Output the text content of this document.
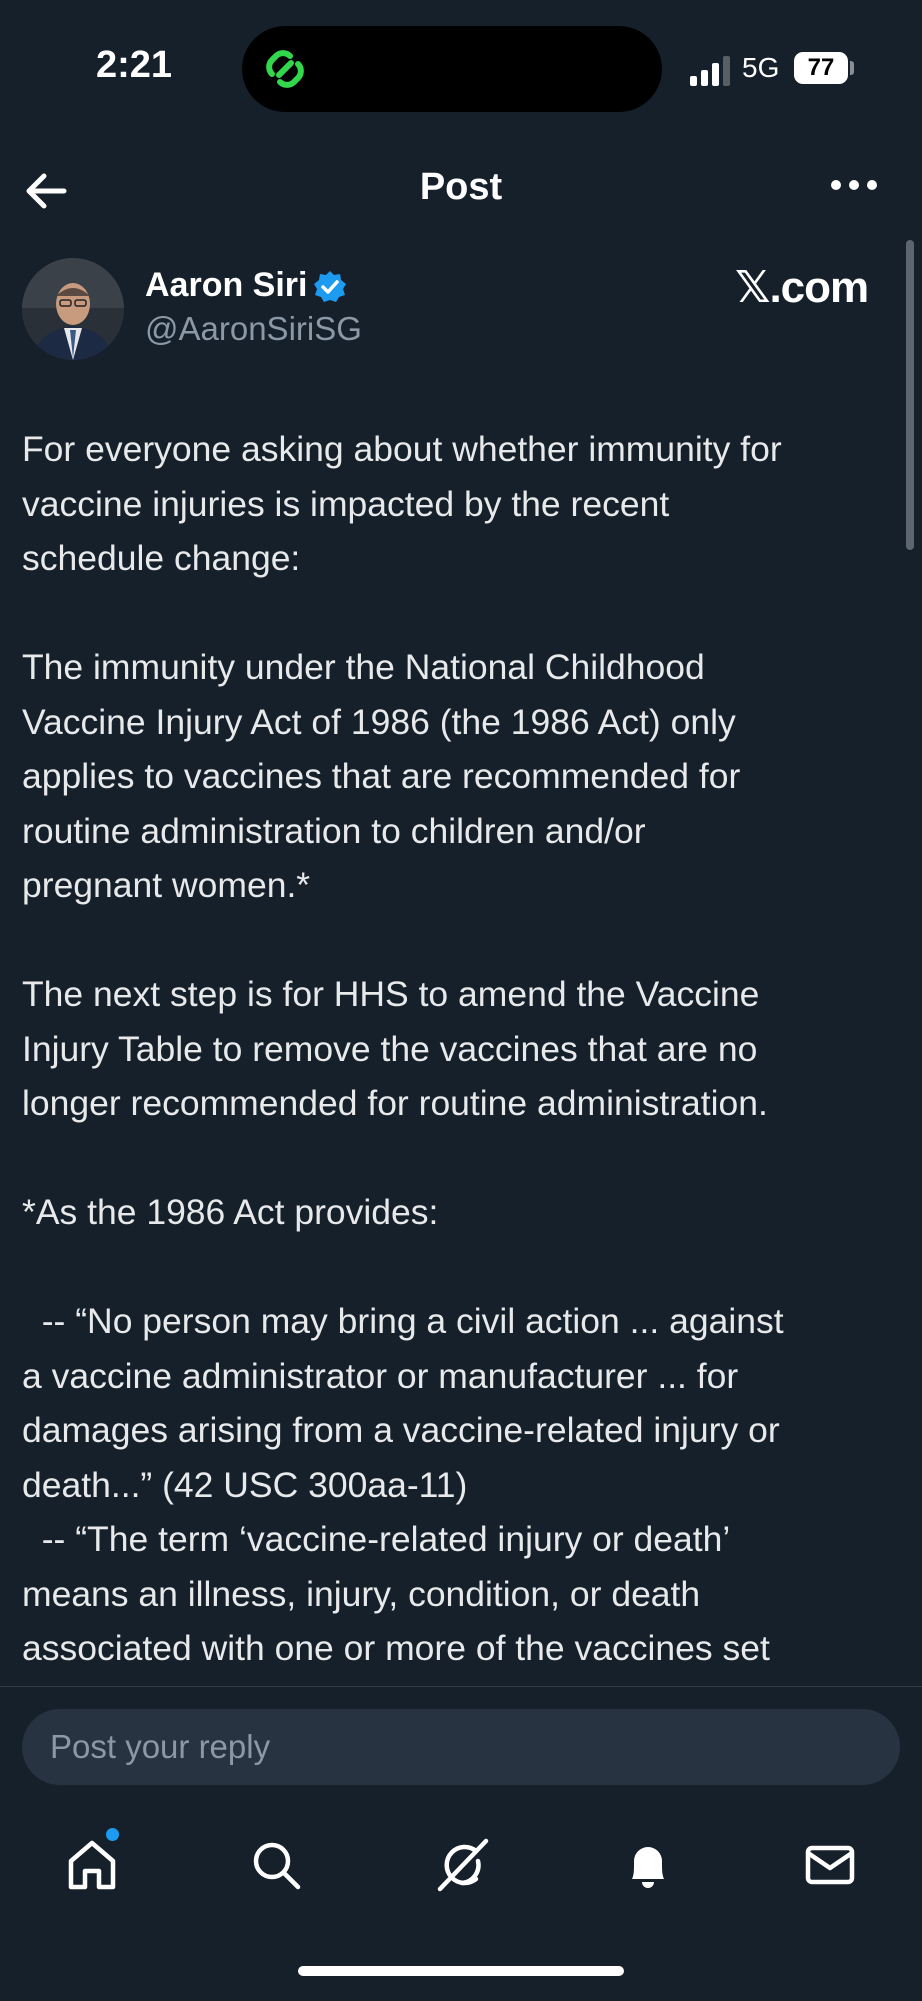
2:21	5G	77
Post
Aaron Siri
@AaronSiriSG
𝕏.com

For everyone asking about whether immunity for

vaccine injuries is impacted by the recent

schedule change:

The immunity under the National Childhood

Vaccine Injury Act of 1986 (the 1986 Act) only

applies to vaccines that are recommended for

routine administration to children and/or

pregnant women.*

The next step is for HHS to amend the Vaccine

Injury Table to remove the vaccines that are no

longer recommended for routine administration.

*As the 1986 Act provides:

-- “No person may bring a civil action ... against

a vaccine administrator or manufacturer ... for

damages arising from a vaccine-related injury or

death...” (42 USC 300aa-11)

-- “The term ‘vaccine-related injury or death’

means an illness, injury, condition, or death

associated with one or more of the vaccines set

Post your reply
